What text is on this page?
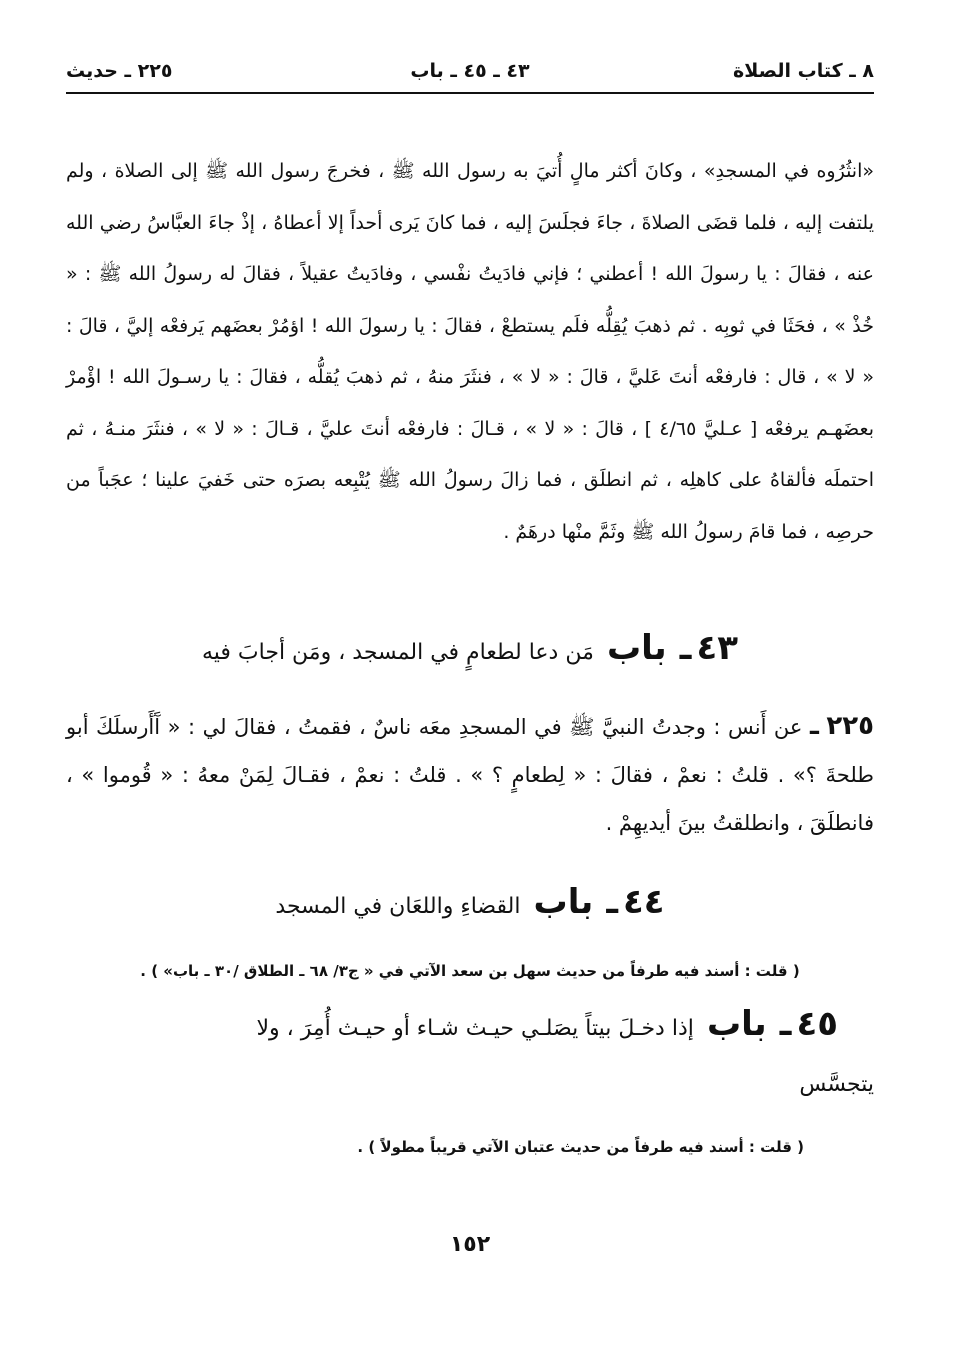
٨ ـ كتاب الصلاة
٤٣ ـ ٤٥ ـ باب
٢٢٥ ـ حديث

«انثُرُوه في المسجدِ» ، وكانَ أكثر مالٍ أُتيَ به رسول الله ﷺ ، فخرجَ رسول الله ﷺ إلى الصلاة ، ولم يلتفت إليه ، فلما قضَى الصلاةَ ، جاءَ فجلَسَ إليه ، فما كانَ يَرى أحداً إلا أعطاهُ ، إذْ جاءَ العبَّاسُ رضي الله عنه ، فقالَ : يا رسولَ الله ! أعطني ؛ فإني فادَيتُ نفْسي ، وفادَيتُ عقيلاً ، فقالَ له رسولُ الله ﷺ : « خُذْ » ، فحَثَا في ثوبِه . ثم ذهبَ يُقِلُّه فلَم يستطعْ ، فقالَ : يا رسولَ الله ! اؤمُرْ بعضَهم يَرفعْه إليَّ ، قالَ : « لا » ، قال : فارفعْه أنتَ عَليَّ ، قالَ : « لا » ، فنثَرَ منهُ ، ثم ذهبَ يُقلُّه ، فقالَ : يا رسـولَ الله ! اؤْمرْ بعضَهـم يرفعْه [ عـليَّ ٤/٦٥ ] ، قالَ : « لا » ، قـالَ : فارفعْه أنتَ عليَّ ، قـالَ : « لا » ، فنثَرَ منـهُ ، ثم احتملَه فألقاهُ على كاهلِه ، ثم انطلَق ، فما زالَ رسولُ الله ﷺ يُتْبِعه بصرَه حتى خَفيَ علينا ؛ عجَباً من حرصِه ، فما قامَ رسولُ الله ﷺ وثَمَّ منْها درهَمٌ .

٤٣ ـ باب مَن دعا لطعامٍ في المسجد ، ومَن أجابَ فيه
٢٢٥ ـ عن أَنس : وجدتُ النبيَّ ﷺ في المسجدِ معَه ناسٌ ، فقمتُ ، فقالَ لي : « آَأَرسلَكَ أبو طلحةَ ؟» . قلتُ : نعمْ ، فقالَ : « لِطعامٍ ؟ » . قلتُ : نعمْ ، فقـالَ لِمَنْ معهُ : « قُوموا » ، فانطلَقَ ، وانطلقتُ بينَ أيديهِمْ .
٤٤ ـ باب القضاءِ واللعَان في المسجد
( قلت : أسند فيه طرفاً من حديث سهل بن سعد الآتي في « ج٣/ ٦٨ ـ الطلاق /٣٠ ـ باب» ) .
٤٥ ـ باب إذا دخـلَ بيتاً يصَلـي حيـث شـاء أو حيـث أُمِرَ ، ولا
يتجسَّس
( قلت : أسند فيه طرفاً من حديث عتبان الآتي قريباً مطولاً ) .
١٥٢
